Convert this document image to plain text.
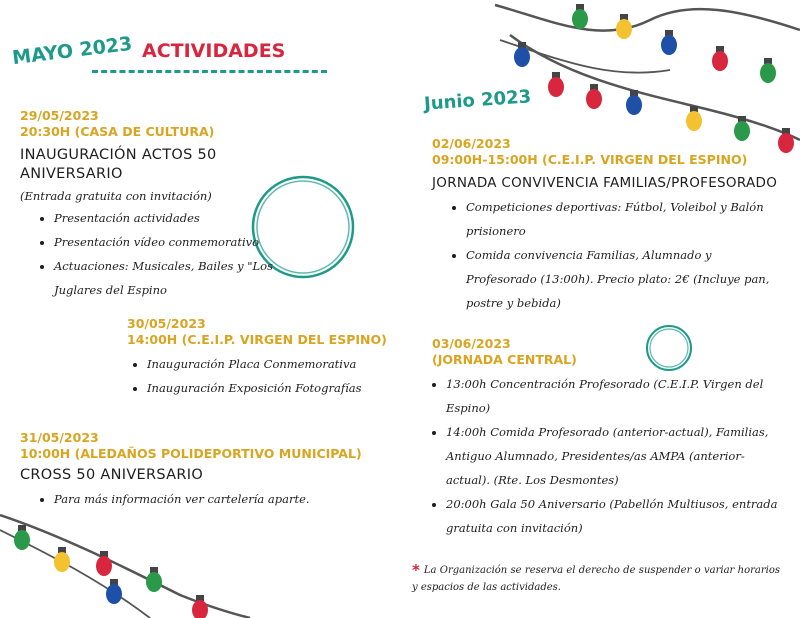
MAYO 2023 ACTIVIDADES
29/05/2023
20:30H (CASA DE CULTURA)
INAUGURACIÓN ACTOS 50 ANIVERSARIO
(Entrada gratuita con invitación)
• Presentación actividades
• Presentación vídeo conmemorativo
• Actuaciones: Musicales, Bailes y "Los Juglares del Espino
30/05/2023
14:00H (C.E.I.P. VIRGEN DEL ESPINO)
• Inauguración Placa Conmemorativa
• Inauguración Exposición Fotografías
31/05/2023
10:00H (ALEDAÑOS POLIDEPORTIVO MUNICIPAL)
CROSS 50 ANIVERSARIO
• Para más información ver cartelería aparte.
Junio 2023
02/06/2023
09:00H-15:00H (C.E.I.P. VIRGEN DEL ESPINO)
JORNADA CONVIVENCIA FAMILIAS/PROFESORADO
• Competiciones deportivas: Fútbol, Voleibol y Balón prisionero
• Comida convivencia Familias, Alumnado y Profesorado (13:00h). Precio plato: 2€ (Incluye pan, postre y bebida)
03/06/2023
(JORNADA CENTRAL)
• 13:00h Concentración Profesorado (C.E.I.P. Virgen del Espino)
• 14:00h Comida Profesorado (anterior-actual), Familias, Antiguo Alumnado, Presidentes/as AMPA (anterior-actual). (Rte. Los Desmontes)
• 20:00h Gala 50 Aniversario (Pabellón Multiusos, entrada gratuita con invitación)
* La Organización se reserva el derecho de suspender o variar horarios y espacios de las actividades.
